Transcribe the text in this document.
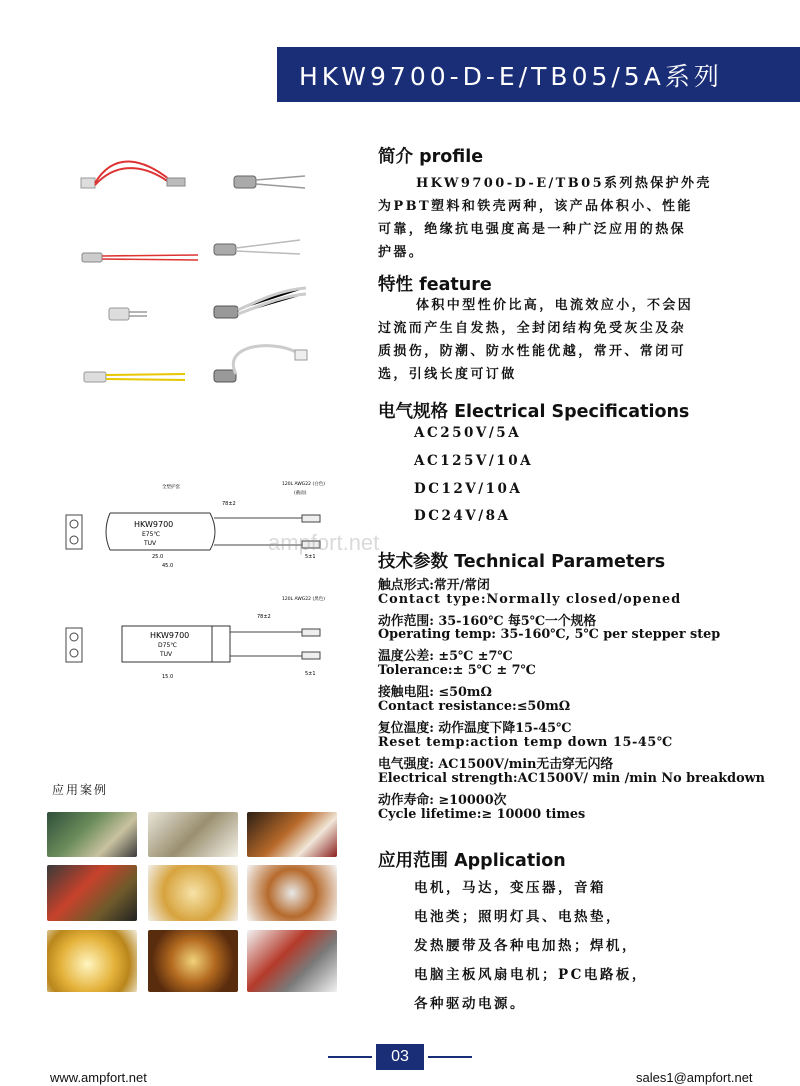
HKW9700-D-E/TB05/5A系列
HKW9700
E75℃
TUV
78±2
25.0
45.0
120L AWG22 (白色)
全塑护套
5±1
(截面)
HKW9700
D75℃
TUV
78±2
15.0
120L AWG22 (黑色)
5±1
ampfort.net
简介 profile
HKW9700-D-E/TB05系列热保护外壳
为PBT塑料和铁壳两种，该产品体积小、性能
可靠，绝缘抗电强度高是一种广泛应用的热保
护器。
特性 feature
体积中型性价比高，电流效应小，不会因
过流而产生自发热，全封闭结构免受灰尘及杂
质损伤，防潮、防水性能优越，常开、常闭可
选，引线长度可订做
电气规格 Electrical Specifications
AC250V/5A
AC125V/10A
DC12V/10A
DC24V/8A
技术参数 Technical Parameters
触点形式:常开/常闭
Contact type:Normally closed/opened
动作范围: 35-160℃ 每5℃一个规格
Operating temp: 35-160℃, 5℃ per stepper step
温度公差: ±5℃ ±7℃
Tolerance:± 5℃ ± 7℃
接触电阻: ≤50mΩ
Contact resistance:≤50mΩ
复位温度: 动作温度下降15-45℃
Reset temp:action temp down 15-45℃
电气强度: AC1500V/min无击穿无闪络
Electrical strength:AC1500V/ min /min No breakdown
动作寿命: ≥10000次
Cycle lifetime:≥ 10000 times
应用范围 Application
电机，马达，变压器，音箱
电池类；照明灯具、电热垫，
发热腰带及各种电加热；焊机，
电脑主板风扇电机；PC电路板，
各种驱动电源。
应用案例
03
www.ampfort.net	sales1@ampfort.net
